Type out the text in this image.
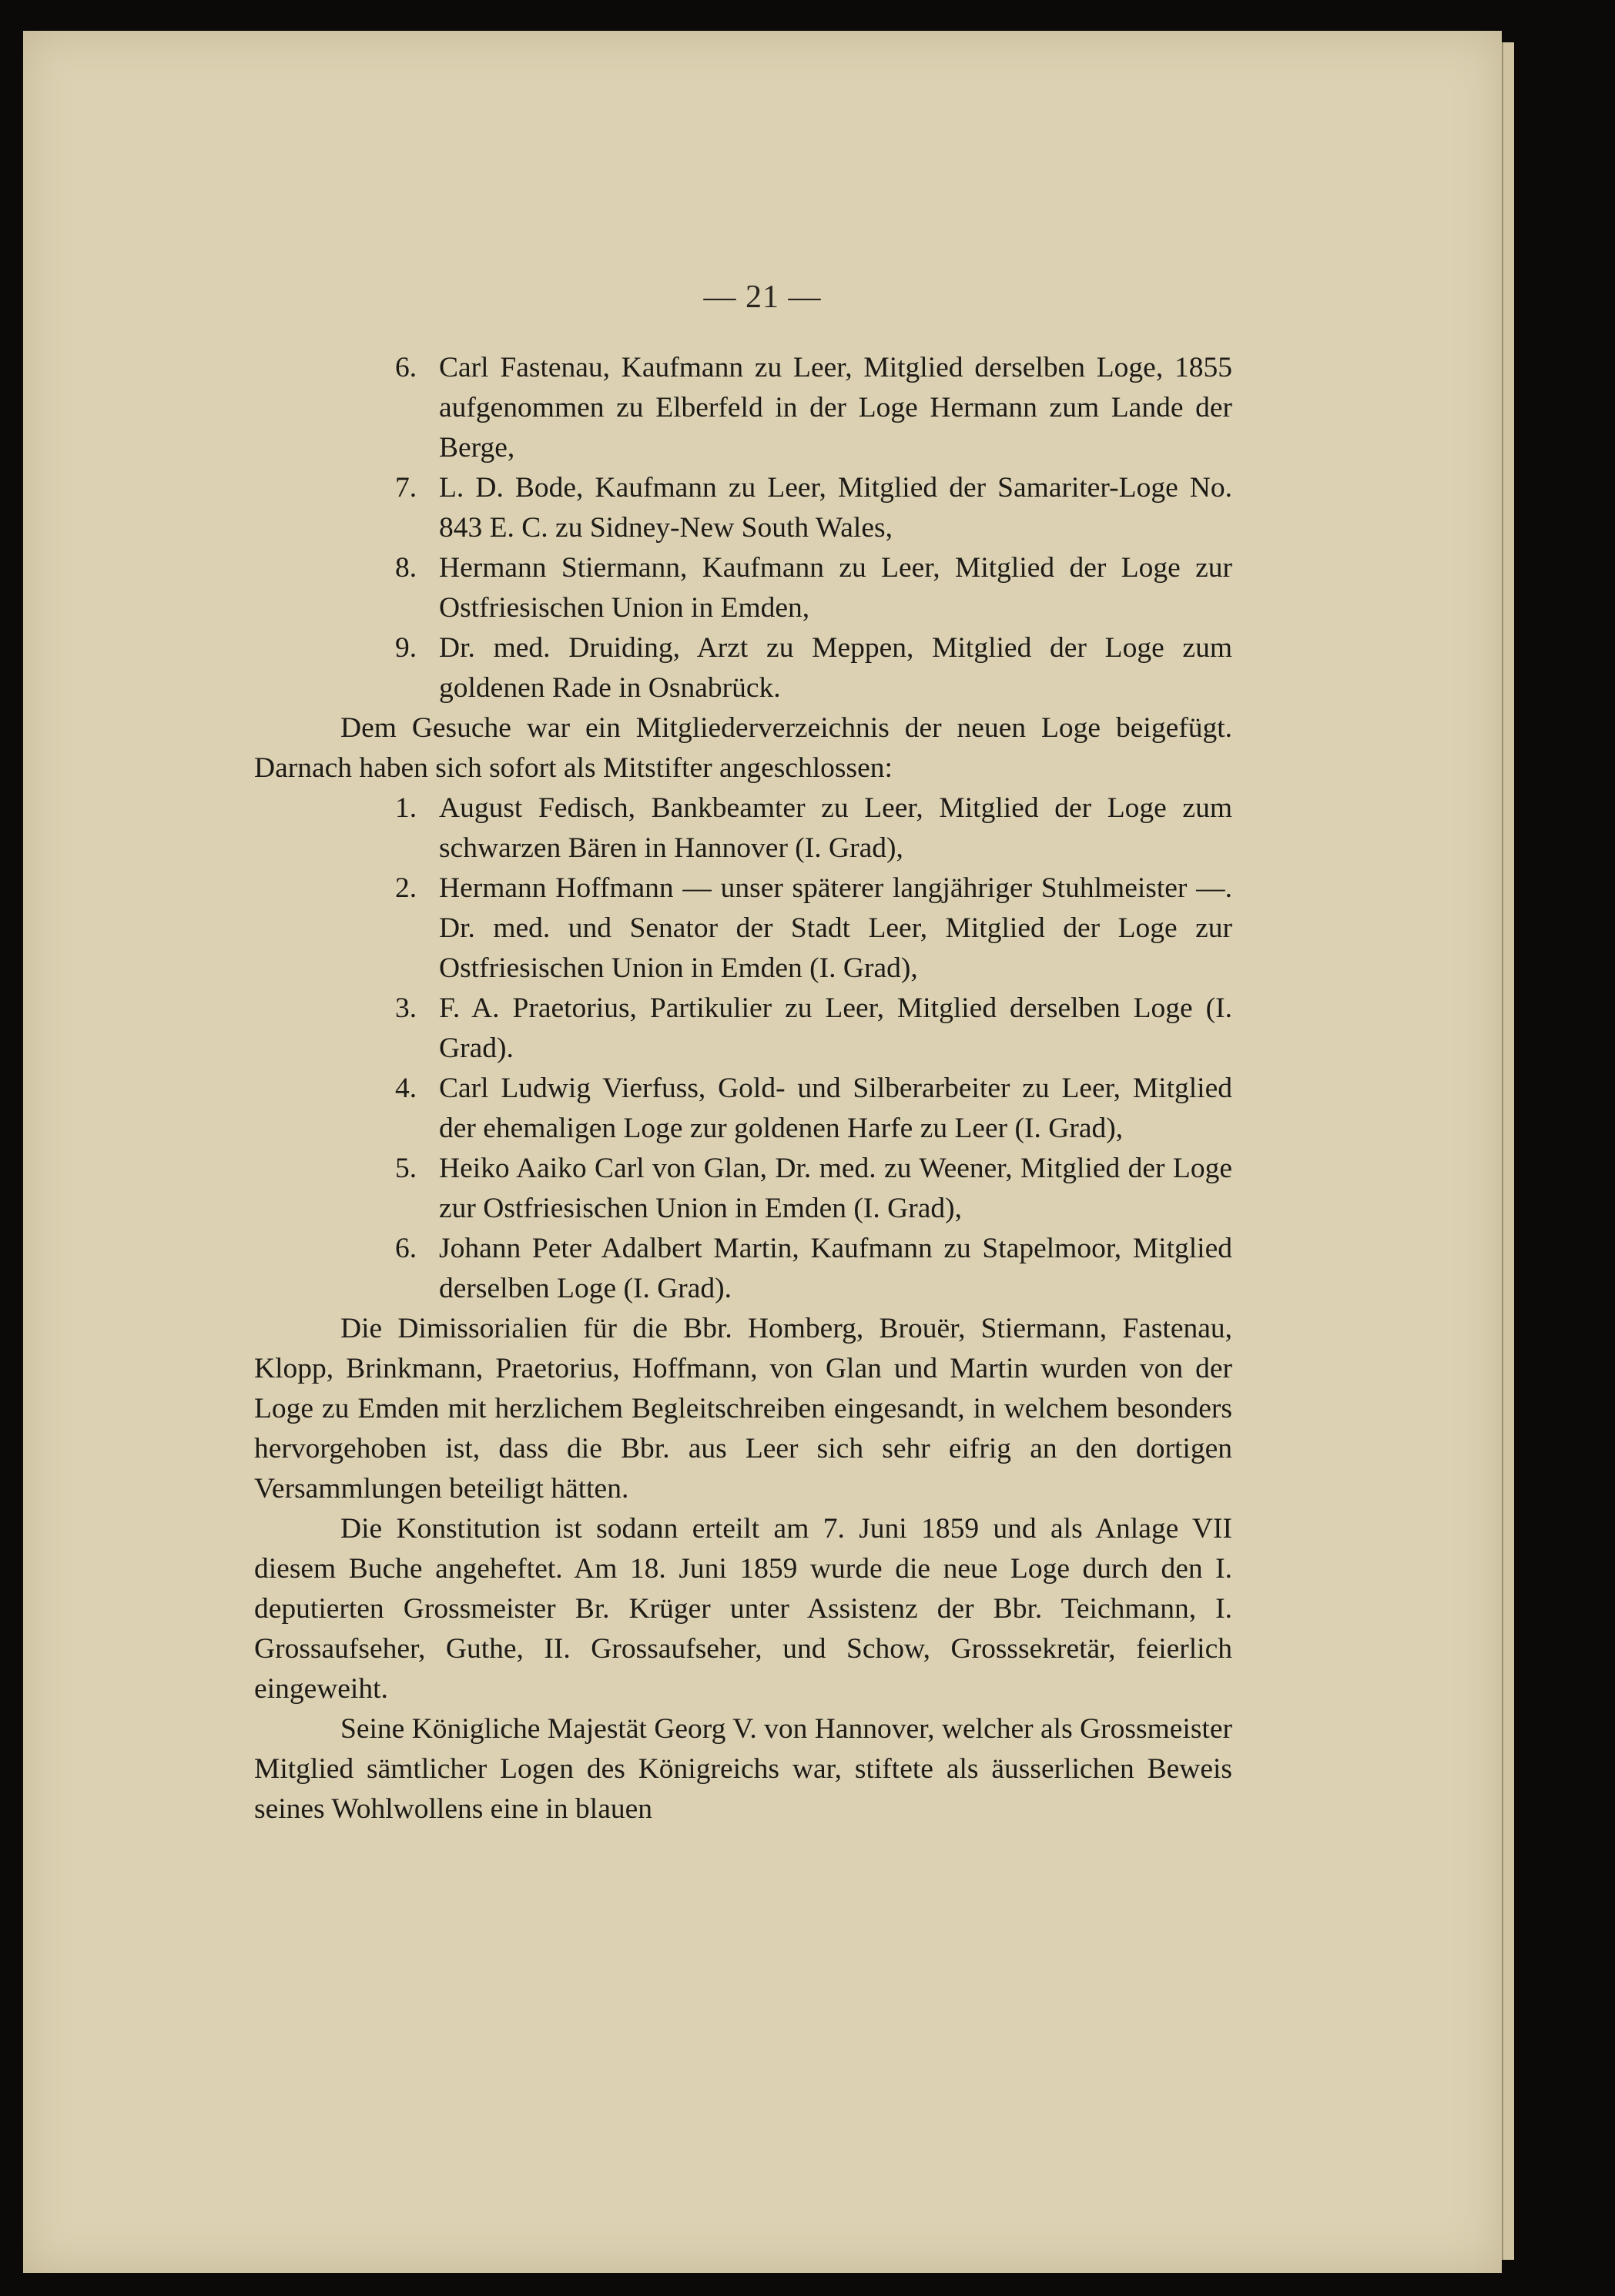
— 21 —
6. Carl Fastenau, Kaufmann zu Leer, Mitglied derselben Loge, 1855 aufgenommen zu Elberfeld in der Loge Hermann zum Lande der Berge,
7. L. D. Bode, Kaufmann zu Leer, Mitglied der Samariter-Loge No. 843 E. C. zu Sidney-New South Wales,
8. Hermann Stiermann, Kaufmann zu Leer, Mitglied der Loge zur Ostfriesischen Union in Emden,
9. Dr. med. Druiding, Arzt zu Meppen, Mitglied der Loge zum goldenen Rade in Osnabrück.
Dem Gesuche war ein Mitgliederverzeichnis der neuen Loge beigefügt. Darnach haben sich sofort als Mitstifter angeschlossen:
1. August Fedisch, Bankbeamter zu Leer, Mitglied der Loge zum schwarzen Bären in Hannover (I. Grad),
2. Hermann Hoffmann — unser späterer langjähriger Stuhlmeister —. Dr. med. und Senator der Stadt Leer, Mitglied der Loge zur Ostfriesischen Union in Emden (I. Grad),
3. F. A. Praetorius, Partikulier zu Leer, Mitglied derselben Loge (I. Grad).
4. Carl Ludwig Vierfuss, Gold- und Silberarbeiter zu Leer, Mitglied der ehemaligen Loge zur goldenen Harfe zu Leer (I. Grad),
5. Heiko Aaiko Carl von Glan, Dr. med. zu Weener, Mitglied der Loge zur Ostfriesischen Union in Emden (I. Grad),
6. Johann Peter Adalbert Martin, Kaufmann zu Stapelmoor, Mitglied derselben Loge (I. Grad).
Die Dimissorialien für die Bbr. Homberg, Brouër, Stiermann, Fastenau, Klopp, Brinkmann, Praetorius, Hoffmann, von Glan und Martin wurden von der Loge zu Emden mit herzlichem Begleitschreiben eingesandt, in welchem besonders hervorgehoben ist, dass die Bbr. aus Leer sich sehr eifrig an den dortigen Versammlungen beteiligt hätten.
Die Konstitution ist sodann erteilt am 7. Juni 1859 und als Anlage VII diesem Buche angeheftet. Am 18. Juni 1859 wurde die neue Loge durch den I. deputierten Grossmeister Br. Krüger unter Assistenz der Bbr. Teichmann, I. Grossaufseher, Guthe, II. Grossaufseher, und Schow, Grosssekretär, feierlich eingeweiht.
Seine Königliche Majestät Georg V. von Hannover, welcher als Grossmeister Mitglied sämtlicher Logen des Königreichs war, stiftete als äusserlichen Beweis seines Wohlwollens eine in blauen
